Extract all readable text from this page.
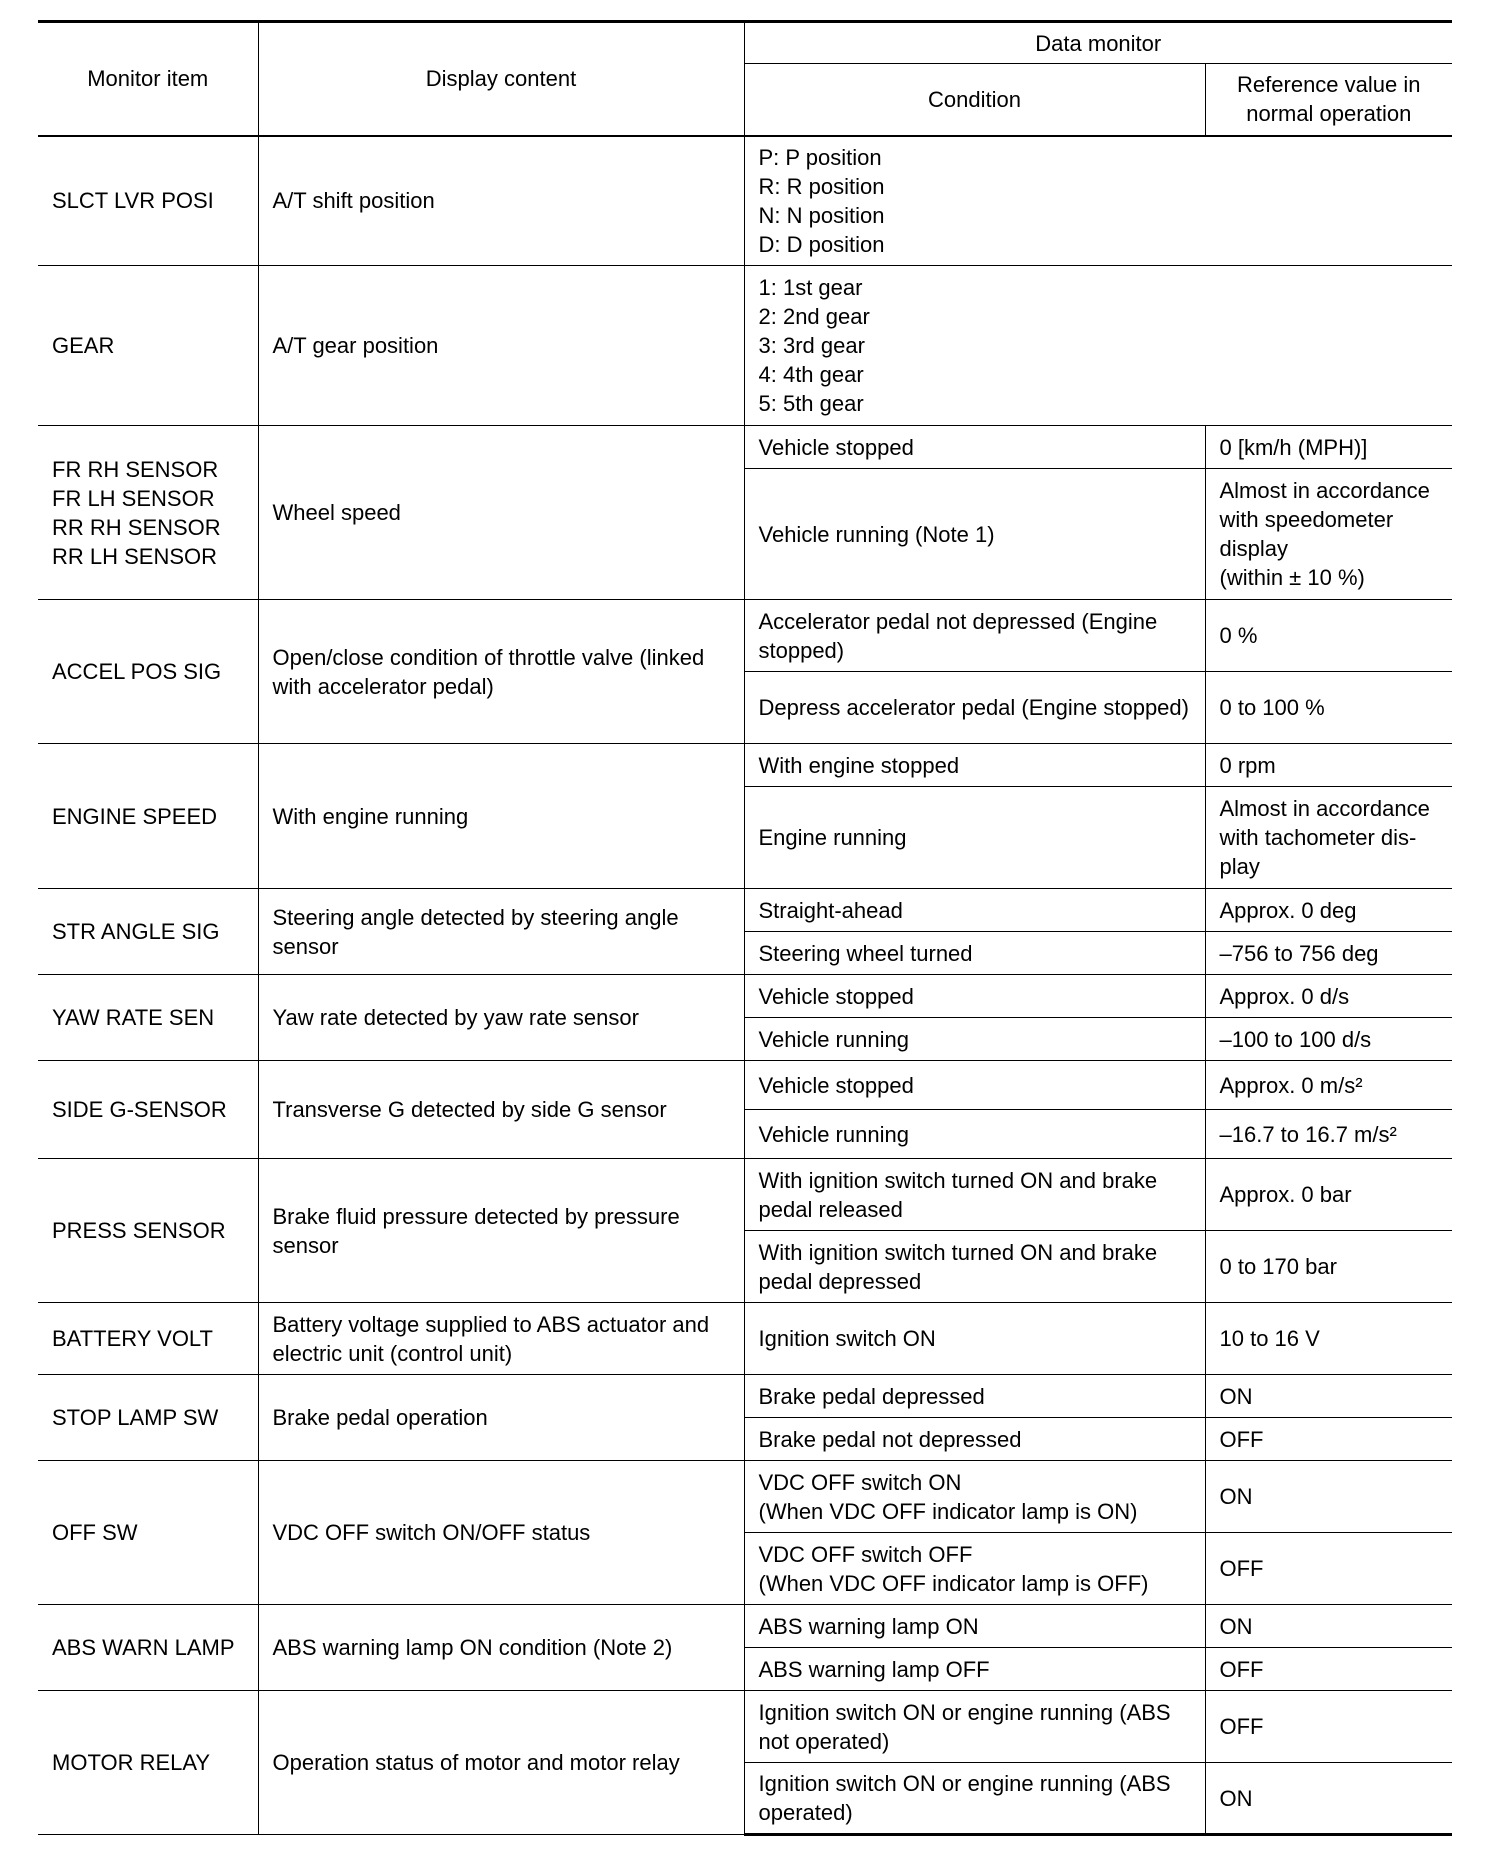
Monitor item	Display content	Data monitor	
		Condition	Reference value in normal operation
SLCT LVR POSI	A/T shift position	P: P position
R: R position
N: N position
D: D position	
GEAR	A/T gear position	1: 1st gear
2: 2nd gear
3: 3rd gear
4: 4th gear
5: 5th gear	
FR RH SENSOR
FR LH SENSOR
RR RH SENSOR
RR LH SENSOR	Wheel speed	Vehicle stopped	0 [km/h (MPH)]
		Vehicle running (Note 1)	Almost in accordance with speedometer display
(within ± 10 %)
ACCEL POS SIG	Open/close condition of throttle valve (linked with accelerator pedal)	Accelerator pedal not depressed (Engine stopped)	0 %
		Depress accelerator pedal (Engine stopped)	0 to 100 %
ENGINE SPEED	With engine running	With engine stopped	0 rpm
		Engine running	Almost in accordance with tachometer dis-play
STR ANGLE SIG	Steering angle detected by steering angle sensor	Straight-ahead	Approx. 0 deg
		Steering wheel turned	–756 to 756 deg
YAW RATE SEN	Yaw rate detected by yaw rate sensor	Vehicle stopped	Approx. 0 d/s
		Vehicle running	–100 to 100 d/s
SIDE G-SENSOR	Transverse G detected by side G sensor	Vehicle stopped	Approx. 0 m/s²
		Vehicle running	–16.7 to 16.7 m/s²
PRESS SENSOR	Brake fluid pressure detected by pressure sensor	With ignition switch turned ON and brake pedal released	Approx. 0 bar
		With ignition switch turned ON and brake pedal depressed	0 to 170 bar
BATTERY VOLT	Battery voltage supplied to ABS actuator and electric unit (control unit)	Ignition switch ON	10 to 16 V
STOP LAMP SW	Brake pedal operation	Brake pedal depressed	ON
		Brake pedal not depressed	OFF
OFF SW	VDC OFF switch ON/OFF status	VDC OFF switch ON
(When VDC OFF indicator lamp is ON)	ON
		VDC OFF switch OFF
(When VDC OFF indicator lamp is OFF)	OFF
ABS WARN LAMP	ABS warning lamp ON condition (Note 2)	ABS warning lamp ON	ON
		ABS warning lamp OFF	OFF
MOTOR RELAY	Operation status of motor and motor relay	Ignition switch ON or engine running (ABS not operated)	OFF
		Ignition switch ON or engine running (ABS operated)	ON
